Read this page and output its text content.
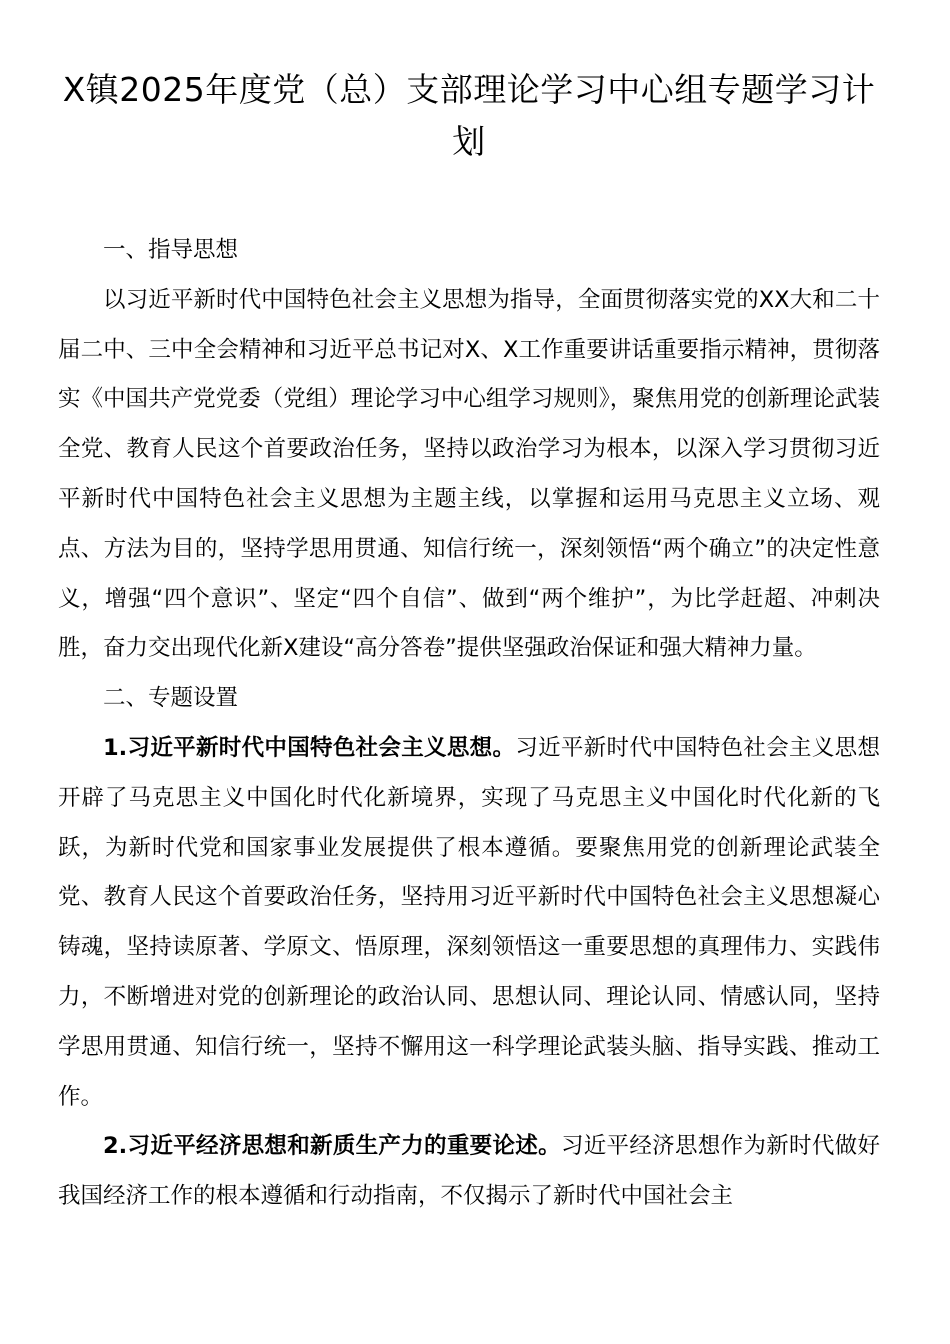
X镇2025年度党（总）支部理论学习中心组专题学习计划

一、指导思想

以习近平新时代中国特色社会主义思想为指导，全面贯彻落实党的XX大和二十届二中、三中全会精神和习近平总书记对X、X工作重要讲话重要指示精神，贯彻落实《中国共产党党委（党组）理论学习中心组学习规则》，聚焦用党的创新理论武装全党、教育人民这个首要政治任务，坚持以政治学习为根本，以深入学习贯彻习近平新时代中国特色社会主义思想为主题主线，以掌握和运用马克思主义立场、观点、方法为目的，坚持学思用贯通、知信行统一，深刻领悟“两个确立”的决定性意义，增强“四个意识”、坚定“四个自信”、做到“两个维护”，为比学赶超、冲刺决胜，奋力交出现代化新X建设“高分答卷”提供坚强政治保证和强大精神力量。

二、专题设置

1.习近平新时代中国特色社会主义思想。习近平新时代中国特色社会主义思想开辟了马克思主义中国化时代化新境界，实现了马克思主义中国化时代化新的飞跃，为新时代党和国家事业发展提供了根本遵循。要聚焦用党的创新理论武装全党、教育人民这个首要政治任务，坚持用习近平新时代中国特色社会主义思想凝心铸魂，坚持读原著、学原文、悟原理，深刻领悟这一重要思想的真理伟力、实践伟力，不断增进对党的创新理论的政治认同、思想认同、理论认同、情感认同，坚持学思用贯通、知信行统一，坚持不懈用这一科学理论武装头脑、指导实践、推动工作。

2.习近平经济思想和新质生产力的重要论述。习近平经济思想作为新时代做好我国经济工作的根本遵循和行动指南，不仅揭示了新时代中国社会主
